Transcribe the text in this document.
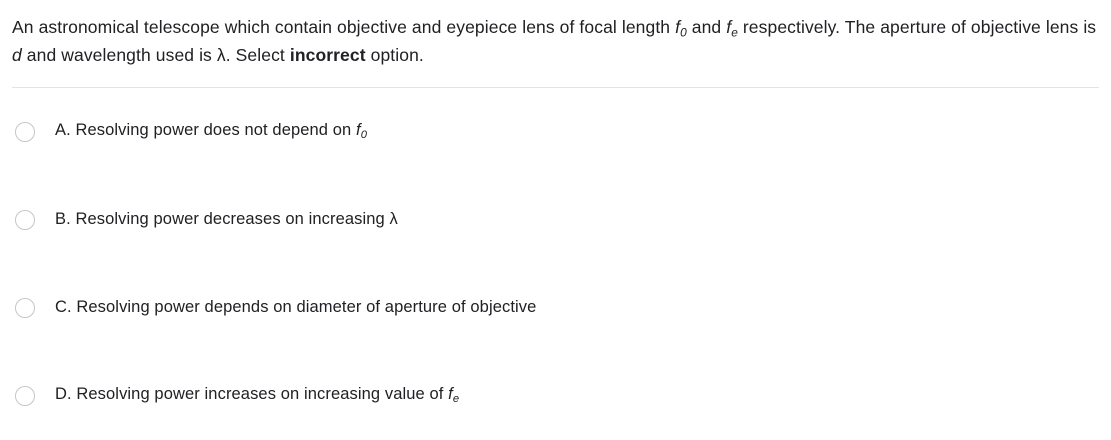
An astronomical telescope which contain objective and eyepiece lens of focal length $f_0$ and $f_e$ respectively. The aperture of objective lens is d and wavelength used is λ. Select incorrect option.
A. Resolving power does not depend on $f_0$
B. Resolving power decreases on increasing λ
C. Resolving power depends on diameter of aperture of objective
D. Resolving power increases on increasing value of $f_e$
